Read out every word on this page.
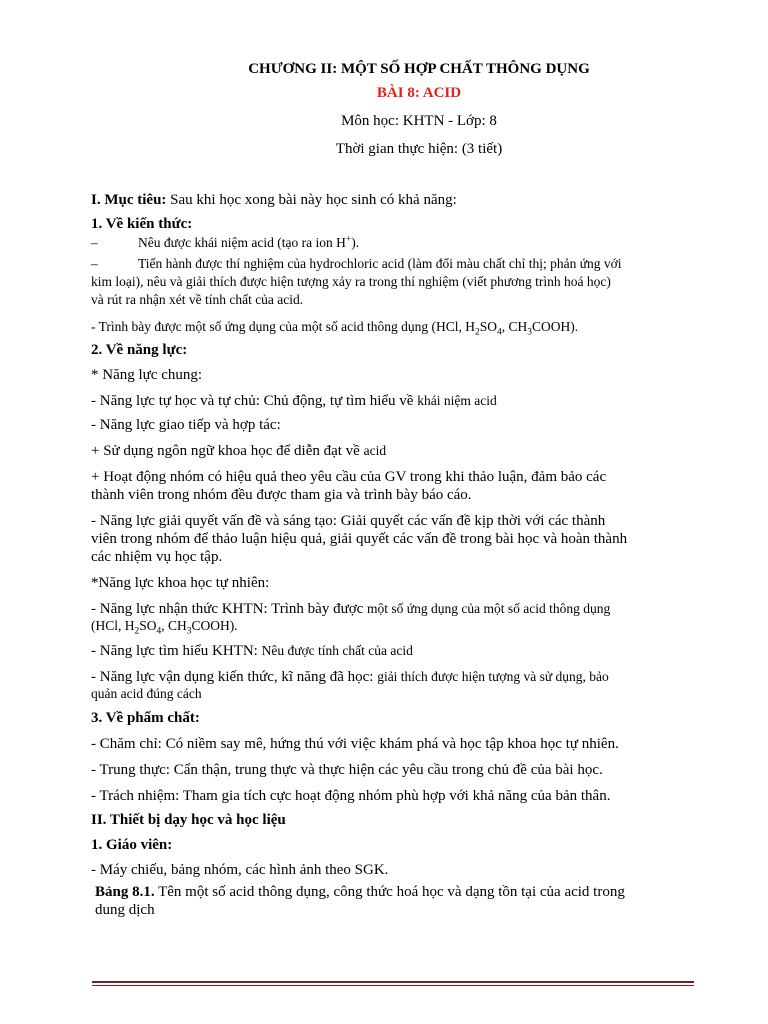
CHƯƠNG II: MỘT SỐ HỢP CHẤT THÔNG DỤNG

BÀI 8: ACID

Môn học: KHTN - Lớp: 8

Thời gian thực hiện: (3 tiết)

I. Mục tiêu: Sau khi học xong bài này học sinh có khả năng:

1. Về kiến thức:

–	Nêu được khái niệm acid (tạo ra ion H+).

–	Tiến hành được thí nghiệm của hydrochloric acid (làm đổi màu chất chỉ thị; phản ứng với

kim loại), nêu và giải thích được hiện tượng xảy ra trong thí nghiệm (viết phương trình hoá học)

và rút ra nhận xét về tính chất của acid.

- Trình bày được một số ứng dụng của một số acid thông dụng (HCl, $H_2SO_4$, $CH_3COOH$).

2. Về năng lực:

* Năng lực chung:

- Năng lực tự học và tự chủ: Chủ động, tự tìm hiểu về khái niệm acid

- Năng lực giao tiếp và hợp tác:

+ Sử dụng ngôn ngữ khoa học để diễn đạt về acid

+ Hoạt động nhóm có hiệu quả theo yêu cầu của GV trong khi thảo luận, đảm bảo các

thành viên trong nhóm đều được tham gia và trình bày báo cáo.

- Năng lực giải quyết vấn đề và sáng tạo: Giải quyết các vấn đề kịp thời với các thành

viên trong nhóm để thảo luận hiệu quả, giải quyết các vấn đề trong bài học và hoàn thành

các nhiệm vụ học tập.

*Năng lực khoa học tự nhiên:

- Năng lực nhận thức KHTN: Trình bày được một số ứng dụng của một số acid thông dụng

(HCl, $H_2SO_4$, $CH_3COOH$).

- Năng lực tìm hiểu KHTN: Nêu được tính chất của acid

- Năng lực vận dụng kiến thức, kĩ năng đã học: giải thích được hiện tượng và sử dụng, bảo

quản acid đúng cách

3. Về phẩm chất:

- Chăm chỉ: Có niềm say mê, hứng thú với việc khám phá và học tập khoa học tự nhiên.

- Trung thực: Cẩn thận, trung thực và thực hiện các yêu cầu trong chủ đề của bài học.

- Trách nhiệm: Tham gia tích cực hoạt động nhóm phù hợp với khả năng của bản thân.

II. Thiết bị dạy học và học liệu

1. Giáo viên:

- Máy chiếu, bảng nhóm, các hình ảnh theo SGK.

Bảng 8.1. Tên một số acid thông dụng, công thức hoá học và dạng tồn tại của acid trong

dung dịch
